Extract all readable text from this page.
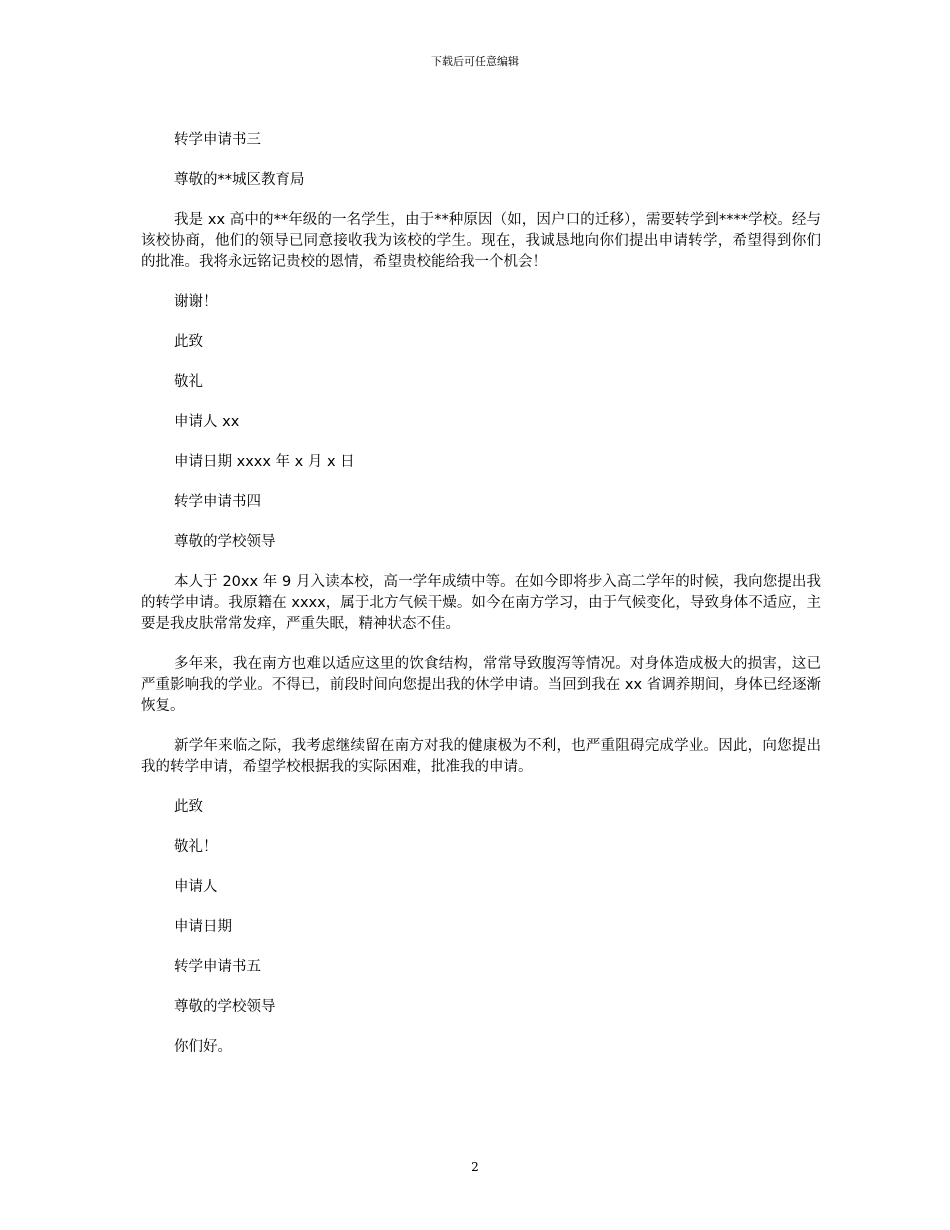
下载后可任意编辑

转学申请书三

尊敬的**城区教育局

我是 xx 高中的**年级的一名学生，由于**种原因（如，因户口的迁移），需要转学到****学校。经与该校协商，他们的领导已同意接收我为该校的学生。现在，我诚恳地向你们提出申请转学，希望得到你们的批准。我将永远铭记贵校的恩情，希望贵校能给我一个机会！

谢谢！

此致

敬礼

申请人 xx

申请日期 xxxx 年 x 月 x 日

转学申请书四

尊敬的学校领导

本人于 20xx 年 9 月入读本校，高一学年成绩中等。在如今即将步入高二学年的时候，我向您提出我的转学申请。我原籍在 xxxx，属于北方气候干燥。如今在南方学习，由于气候变化，导致身体不适应，主要是我皮肤常常发痒，严重失眠，精神状态不佳。

多年来，我在南方也难以适应这里的饮食结构，常常导致腹泻等情况。对身体造成极大的损害，这已严重影响我的学业。不得已，前段时间向您提出我的休学申请。当回到我在 xx 省调养期间，身体已经逐渐恢复。

新学年来临之际，我考虑继续留在南方对我的健康极为不利，也严重阻碍完成学业。因此，向您提出我的转学申请，希望学校根据我的实际困难，批准我的申请。

此致

敬礼！

申请人

申请日期

转学申请书五

尊敬的学校领导

你们好。

2
